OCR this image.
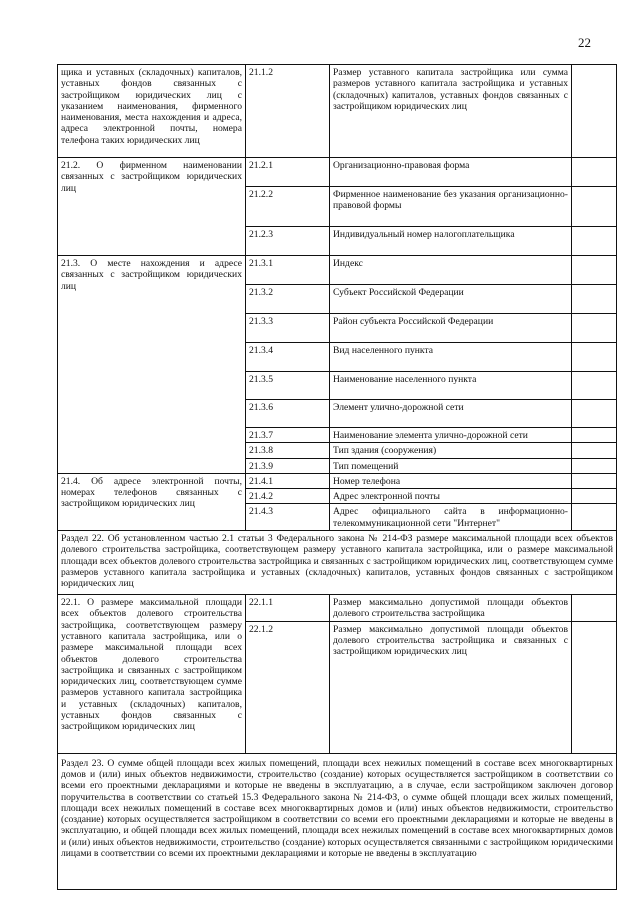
22
щика и уставных (складочных) капиталов, уставных фондов связанных с застройщиком юридических лиц с указанием наименования, фирменного наименования, места нахождения и адреса, адреса электронной почты, номера телефона таких юридических лиц	21.1.2	Размер уставного капитала застройщика или сумма размеров уставного капитала застройщика и уставных (складочных) капиталов, уставных фондов связанных с застройщиком юридических лиц	
21.2. О фирменном наименовании связанных с застройщиком юридических лиц	21.2.1	Организационно-правовая форма	
	21.2.2	Фирменное наименование без указания организационно-правовой формы	
	21.2.3	Индивидуальный номер налогоплательщика	
21.3. О месте нахождения и адресе связанных с застройщиком юридических лиц	21.3.1	Индекс	
	21.3.2	Субъект Российской Федерации	
	21.3.3	Район субъекта Российской Федерации	
	21.3.4	Вид населенного пункта	
	21.3.5	Наименование населенного пункта	
	21.3.6	Элемент улично-дорожной сети	
	21.3.7	Наименование элемента улично-дорожной сети	
	21.3.8	Тип здания (сооружения)	
	21.3.9	Тип помещений	
21.4. Об адресе электронной почты, номерах телефонов связанных с застройщиком юридических лиц	21.4.1	Номер телефона	
	21.4.2	Адрес электронной почты	
	21.4.3	Адрес официального сайта в информационно-телекоммуникационной сети "Интернет"	
Раздел 22. Об установленном частью 2.1 статьи 3 Федерального закона № 214-ФЗ размере максимальной площади всех объектов долевого строительства застройщика, соответствующем размеру уставного капитала застройщика, или о размере максимальной площади всех объектов долевого строительства застройщика и связанных с застройщиком юридических лиц, соответствующем сумме размеров уставного капитала застройщика и уставных (складочных) капиталов, уставных фондов связанных с застройщиком юридических лиц			
22.1. О размере максимальной площади всех объектов долевого строительства застройщика, соответствующем размеру уставного капитала застройщика, или о размере максимальной площади всех объектов долевого строительства застройщика и связанных с застройщиком юридических лиц, соответствующем сумме размеров уставного капитала застройщика и уставных (складочных) капиталов, уставных фондов связанных с застройщиком юридических лиц	22.1.1	Размер максимально допустимой площади объектов долевого строительства застройщика	
	22.1.2	Размер максимально допустимой площади объектов долевого строительства застройщика и связанных с застройщиком юридических лиц	
Раздел 23. О сумме общей площади всех жилых помещений, площади всех нежилых помещений в составе всех многоквартирных домов и (или) иных объектов недвижимости, строительство (создание) которых осуществляется застройщиком в соответствии со всеми его проектными декларациями и которые не введены в эксплуатацию, а в случае, если застройщиком заключен договор поручительства в соответствии со статьей 15.3 Федерального закона № 214-ФЗ, о сумме общей площади всех жилых помещений, площади всех нежилых помещений в составе всех многоквартирных домов и (или) иных объектов недвижимости, строительство (создание) которых осуществляется застройщиком в соответствии со всеми его проектными декларациями и которые не введены в эксплуатацию, и общей площади всех жилых помещений, площади всех нежилых помещений в составе всех многоквартирных домов и (или) иных объектов недвижимости, строительство (создание) которых осуществляется связанными с застройщиком юридическими лицами в соответствии со всеми их проектными декларациями и которые не введены в эксплуатацию			
